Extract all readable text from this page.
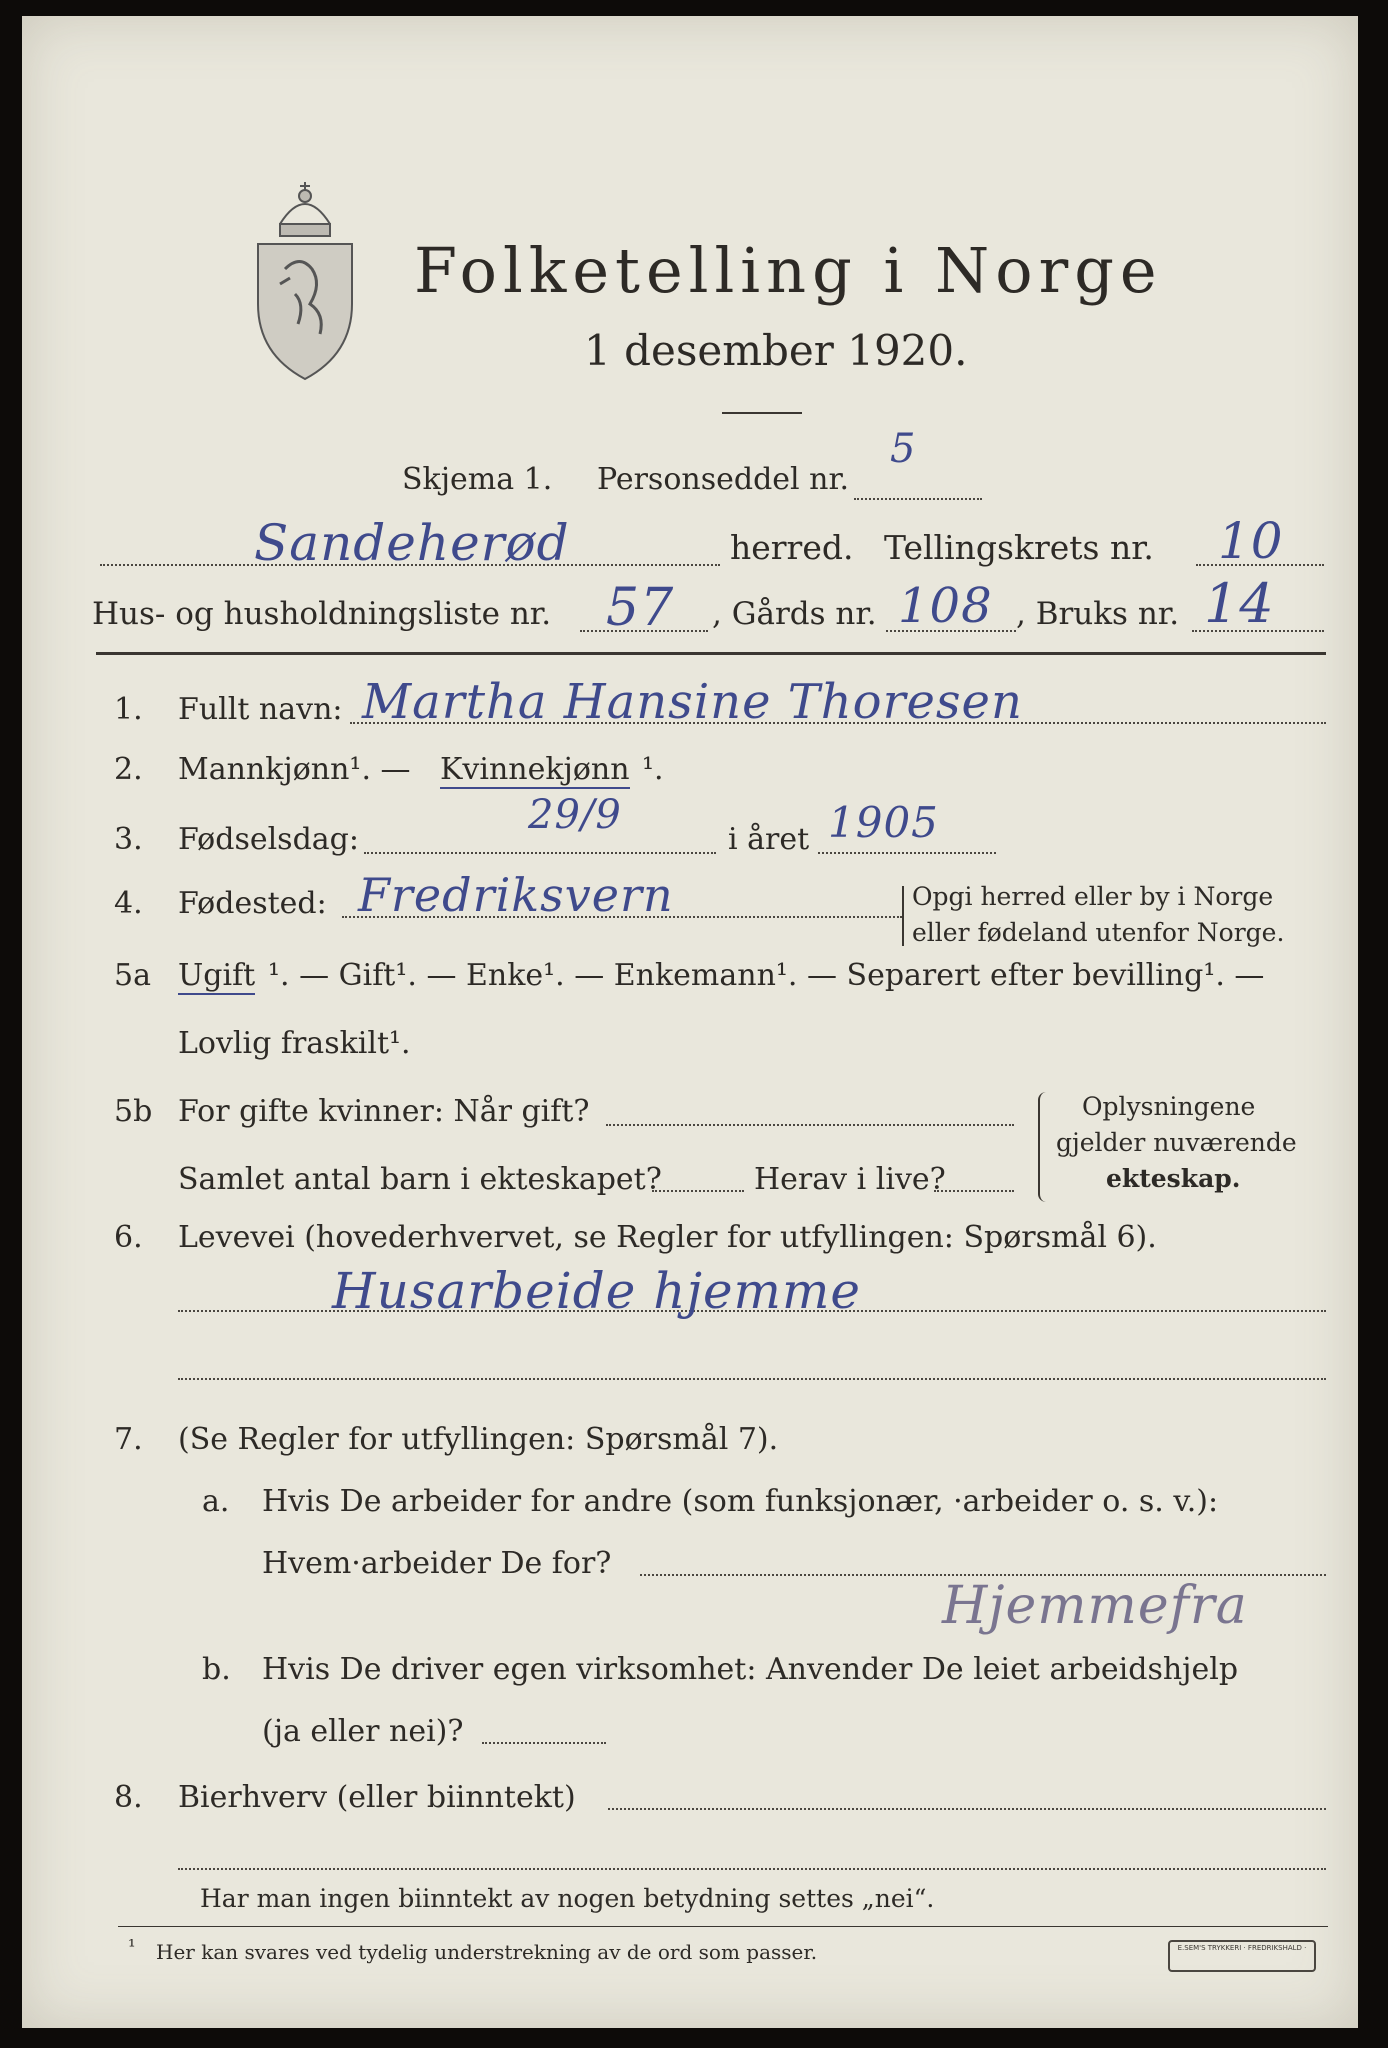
Folketelling i Norge
1 desember 1920.
Skjema 1. Personseddel nr.
5
Sandeherød	herred. Tellingskrets nr. 10
Hus- og husholdningsliste nr. 57 , Gårds nr. 108 , Bruks nr. 14
1. Fullt navn: Martha Hansine Thoresen
2. Mannkjønn¹. — Kvinnekjønn ¹.
3. Fødselsdag:
29/9
i året 1905
4. Fødested: Fredriksvern	Opgi herred eller by i Norge
eller fødeland utenfor Norge.
5a Ugift ¹. — Gift¹. — Enke¹. — Enkemann¹. — Separert efter bevilling¹. —
Lovlig fraskilt¹.
5b For gifte kvinner: Når gift?
Samlet antal barn i ekteskapet?	Herav i live?
Oplysningene
gjelder nuværende
ekteskap.
6. Levevei (hovederhvervet, se Regler for utfyllingen: Spørsmål 6).
Husarbeide hjemme
7. (Se Regler for utfyllingen: Spørsmål 7).
a. Hvis De arbeider for andre (som funksjonær, ·arbeider o. s. v.):
Hvem·arbeider De for?
Hjemmefra
b. Hvis De driver egen virksomhet: Anvender De leiet arbeidshjelp
(ja eller nei)?
8. Bierhverv (eller biinntekt)
Har man ingen biinntekt av nogen betydning settes „nei“.
¹ Her kan svares ved tydelig understrekning av de ord som passer.	E.SEM'S TRYKKERI · FREDRIKSHALD ·
